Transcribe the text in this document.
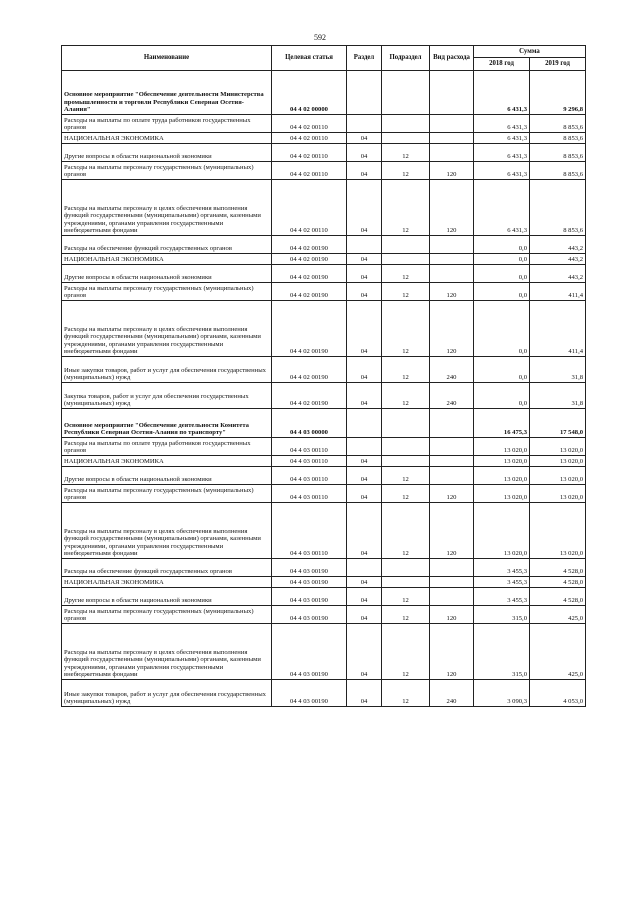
592
Наименование	Целевая статья	Раздел	Подраздел	Вид расхода	Сумма	
					2018 год	2019 год
Основное мероприятие "Обеспечение деятельности Министерства промышленности и торговли Республики Северная Осетия-Алания"	04 4 02 00000				6 431,3	9 296,8
Расходы на выплаты по оплате труда работников государственных органов	04 4 02 00110				6 431,3	8 853,6
НАЦИОНАЛЬНАЯ ЭКОНОМИКА	04 4 02 00110	04			6 431,3	8 853,6
Другие вопросы в области национальной экономики	04 4 02 00110	04	12		6 431,3	8 853,6
Расходы на выплаты персоналу государственных (муниципальных) органов	04 4 02 00110	04	12	120	6 431,3	8 853,6
Расходы на выплаты персоналу в целях обеспечения выполнения функций государственными (муниципальными) органами, казенными учреждениями, органами управления государственными внебюджетными фондами	04 4 02 00110	04	12	120	6 431,3	8 853,6
Расходы на обеспечение функций государственных органов	04 4 02 00190				0,0	443,2
НАЦИОНАЛЬНАЯ ЭКОНОМИКА	04 4 02 00190	04			0,0	443,2
Другие вопросы в области национальной экономики	04 4 02 00190	04	12		0,0	443,2
Расходы на выплаты персоналу государственных (муниципальных) органов	04 4 02 00190	04	12	120	0,0	411,4
Расходы на выплаты персоналу в целях обеспечения выполнения функций государственными (муниципальными) органами, казенными учреждениями, органами управления государственными внебюджетными фондами	04 4 02 00190	04	12	120	0,0	411,4
Иные закупки товаров, работ и услуг для обеспечения государственных (муниципальных) нужд	04 4 02 00190	04	12	240	0,0	31,8
Закупка товаров, работ и услуг для обеспечения государственных (муниципальных) нужд	04 4 02 00190	04	12	240	0,0	31,8
Основное мероприятие "Обеспечение деятельности Комитета Республики Северная Осетия-Алания по транспорту"	04 4 03 00000				16 475,3	17 548,0
Расходы на выплаты по оплате труда работников государственных органов	04 4 03 00110				13 020,0	13 020,0
НАЦИОНАЛЬНАЯ ЭКОНОМИКА	04 4 03 00110	04			13 020,0	13 020,0
Другие вопросы в области национальной экономики	04 4 03 00110	04	12		13 020,0	13 020,0
Расходы на выплаты персоналу государственных (муниципальных) органов	04 4 03 00110	04	12	120	13 020,0	13 020,0
Расходы на выплаты персоналу в целях обеспечения выполнения функций государственными (муниципальными) органами, казенными учреждениями, органами управления государственными внебюджетными фондами	04 4 03 00110	04	12	120	13 020,0	13 020,0
Расходы на обеспечение функций государственных органов	04 4 03 00190				3 455,3	4 528,0
НАЦИОНАЛЬНАЯ ЭКОНОМИКА	04 4 03 00190	04			3 455,3	4 528,0
Другие вопросы в области национальной экономики	04 4 03 00190	04	12		3 455,3	4 528,0
Расходы на выплаты персоналу государственных (муниципальных) органов	04 4 03 00190	04	12	120	315,0	425,0
Расходы на выплаты персоналу в целях обеспечения выполнения функций государственными (муниципальными) органами, казенными учреждениями, органами управления государственными внебюджетными фондами	04 4 03 00190	04	12	120	315,0	425,0
Иные закупки товаров, работ и услуг для обеспечения государственных (муниципальных) нужд	04 4 03 00190	04	12	240	3 090,3	4 053,0
